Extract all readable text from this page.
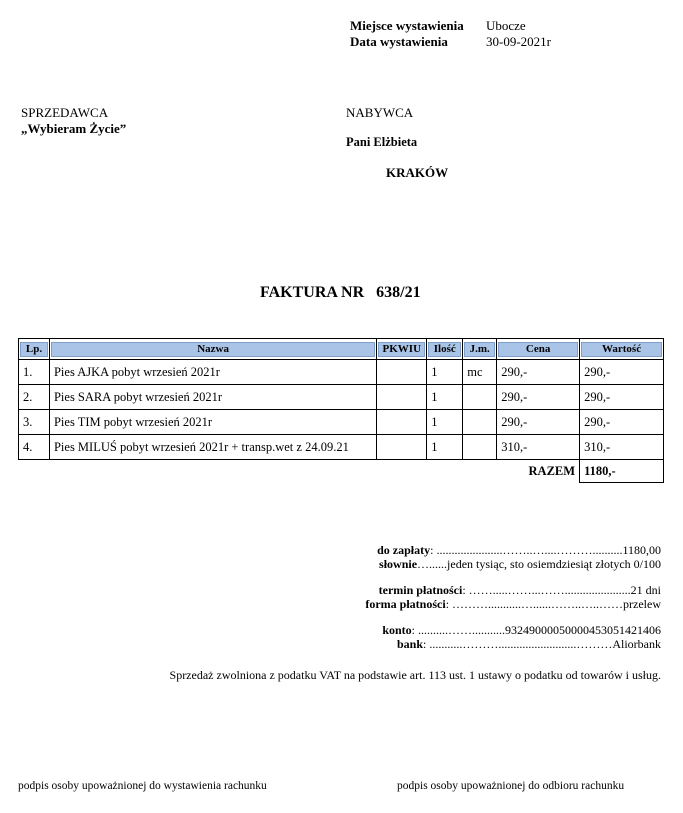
Miejsce wystawienia Ubocze
Data wystawienia	30-09-2021r
SPRZEDAWCA
„Wybieram Życie”
NABYWCA
Pani Elżbieta
KRAKÓW
FAKTURA NR   638/21
Lp.	Nazwa	PKWIU	Ilość	J.m.	Cena	Wartość

1.	Pies AJKA pobyt wrzesień 2021r		1	mc	290,-	290,-
2.	Pies SARA pobyt wrzesień 2021r		1		290,-	290,-
3.	Pies TIM pobyt wrzesień 2021r		1		290,-	290,-
4.	Pies MILUŚ pobyt wrzesień 2021r + transp.wet z 24.09.21		1		310,-	310,-
RAZEM						1180,-
do zapłaty: ......................……..…....………..........1180,00
słownie…......jeden tysiąc, sto osiemdziesiąt złotych 0/100
termin płatności: …….....……...……......................21 dni
forma płatności: ………...........…......……..…..……przelew
konto: ..........……...........93249000050000453051421406
bank: ...........………..........................………Aliorbank
Sprzedaż zwolniona z podatku VAT na podstawie art. 113 ust. 1 ustawy o podatku od towarów i usług.
podpis osoby upoważnionej do wystawienia rachunku	podpis osoby upoważnionej do odbioru rachunku
